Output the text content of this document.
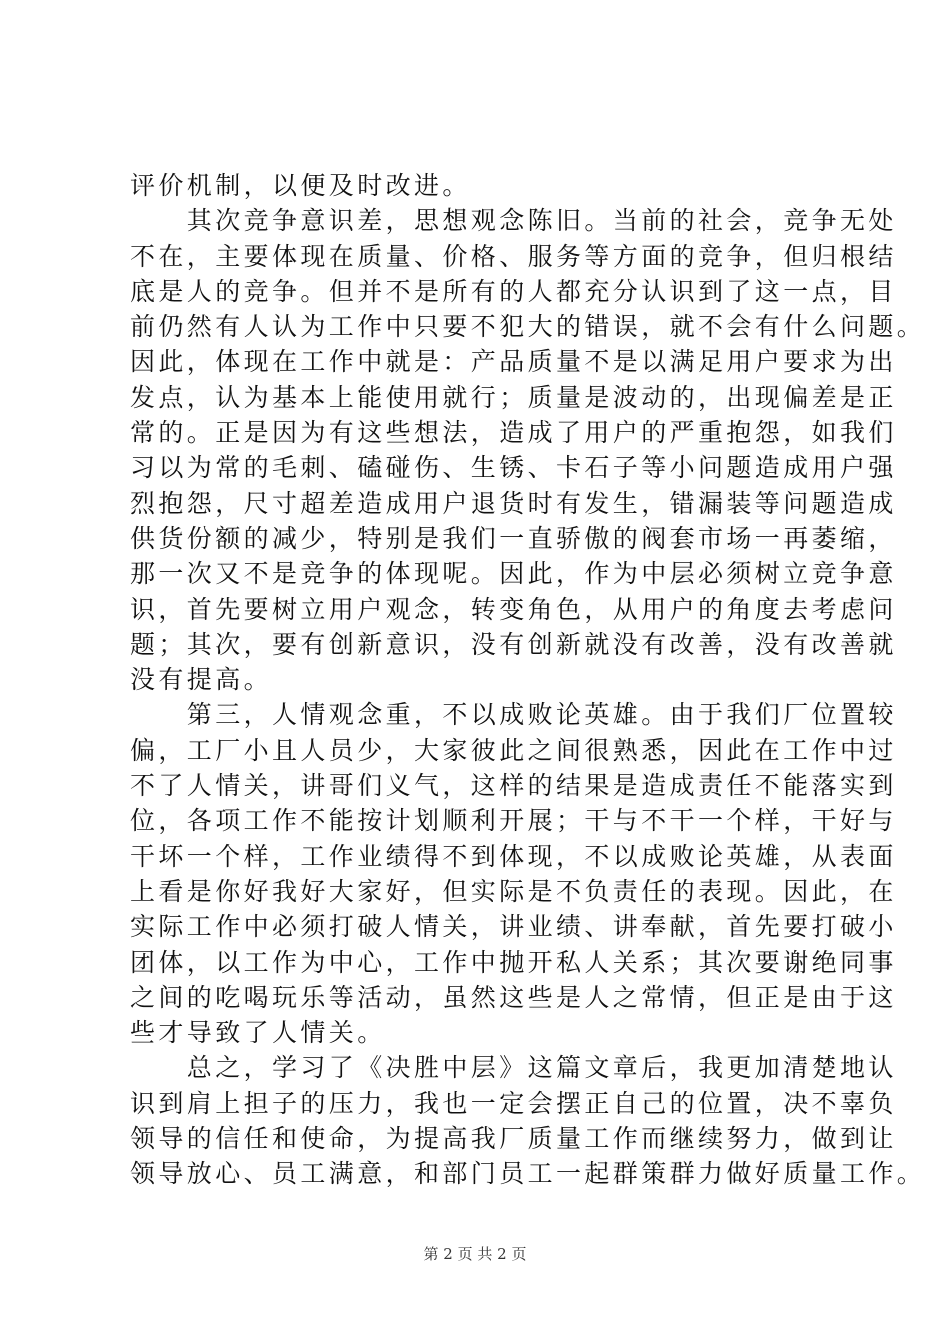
评价机制，以便及时改进。
　　其次竞争意识差，思想观念陈旧。当前的社会，竞争无处
不在，主要体现在质量、价格、服务等方面的竞争，但归根结
底是人的竞争。但并不是所有的人都充分认识到了这一点，目
前仍然有人认为工作中只要不犯大的错误，就不会有什么问题。
因此，体现在工作中就是：产品质量不是以满足用户要求为出
发点，认为基本上能使用就行；质量是波动的，出现偏差是正
常的。正是因为有这些想法，造成了用户的严重抱怨，如我们
习以为常的毛刺、磕碰伤、生锈、卡石子等小问题造成用户强
烈抱怨，尺寸超差造成用户退货时有发生，错漏装等问题造成
供货份额的减少，特别是我们一直骄傲的阀套市场一再萎缩，
那一次又不是竞争的体现呢。因此，作为中层必须树立竞争意
识，首先要树立用户观念，转变角色，从用户的角度去考虑问
题；其次，要有创新意识，没有创新就没有改善，没有改善就
没有提高。
　　第三，人情观念重，不以成败论英雄。由于我们厂位置较
偏，工厂小且人员少，大家彼此之间很熟悉，因此在工作中过
不了人情关，讲哥们义气，这样的结果是造成责任不能落实到
位，各项工作不能按计划顺利开展；干与不干一个样，干好与
干坏一个样，工作业绩得不到体现，不以成败论英雄，从表面
上看是你好我好大家好，但实际是不负责任的表现。因此，在
实际工作中必须打破人情关，讲业绩、讲奉献，首先要打破小
团体，以工作为中心，工作中抛开私人关系；其次要谢绝同事
之间的吃喝玩乐等活动，虽然这些是人之常情，但正是由于这
些才导致了人情关。
　　总之，学习了《决胜中层》这篇文章后，我更加清楚地认
识到肩上担子的压力，我也一定会摆正自己的位置，决不辜负
领导的信任和使命，为提高我厂质量工作而继续努力，做到让
领导放心、员工满意，和部门员工一起群策群力做好质量工作。
第 2 页 共 2 页
